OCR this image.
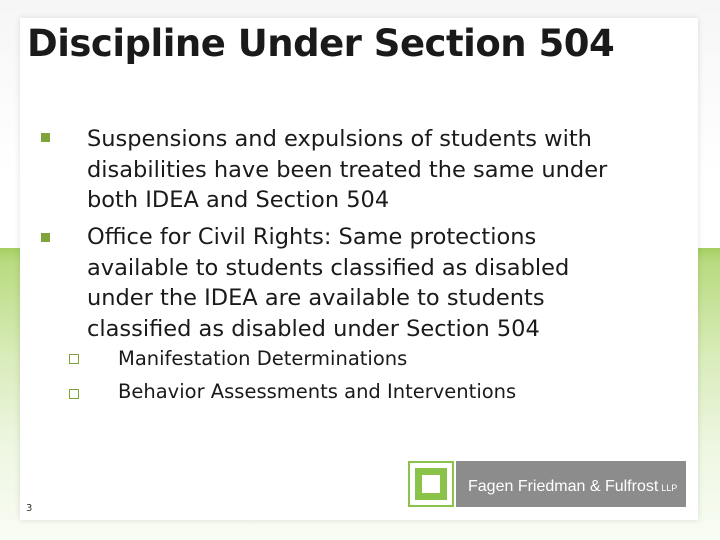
Discipline Under Section 504
Suspensions and expulsions of students with
disabilities have been treated the same under
both IDEA and Section 504
Office for Civil Rights: Same protections
available to students classified as disabled
under the IDEA are available to students
classified as disabled under Section 504
Manifestation Determinations
Behavior Assessments and Interventions
Fagen Friedman & Fulfrost LLP
3
